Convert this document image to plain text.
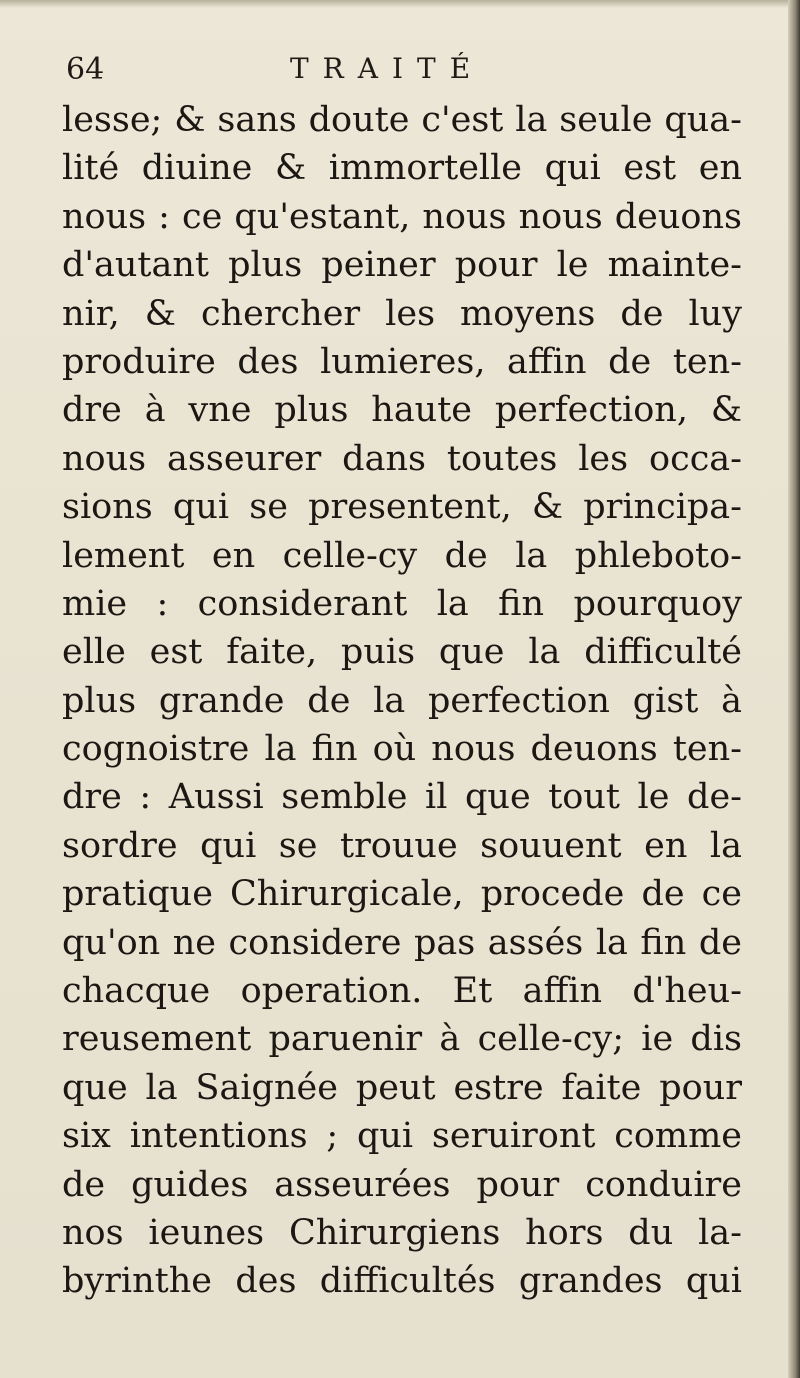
64	TRAITÉ
lesse; & sans doute c'est la seule qua-
lité diuine & immortelle qui est en
nous : ce qu'estant, nous nous deuons
d'autant plus peiner pour le mainte-
nir, & chercher les moyens de luy
produire des lumieres, affin de ten-
dre à vne plus haute perfection, &
nous asseurer dans toutes les occa-
sions qui se presentent, & principa-
lement en celle-cy de la phleboto-
mie : considerant la fin pourquoy
elle est faite, puis que la difficulté
plus grande de la perfection gist à
cognoistre la fin où nous deuons ten-
dre : Aussi semble il que tout le de-
sordre qui se trouue souuent en la
pratique Chirurgicale, procede de ce
qu'on ne considere pas assés la fin de
chacque operation. Et affin d'heu-
reusement paruenir à celle-cy; ie dis
que la Saignée peut estre faite pour
six intentions ; qui seruiront comme
de guides asseurées pour conduire
nos ieunes Chirurgiens hors du la-
byrinthe des difficultés grandes qui
